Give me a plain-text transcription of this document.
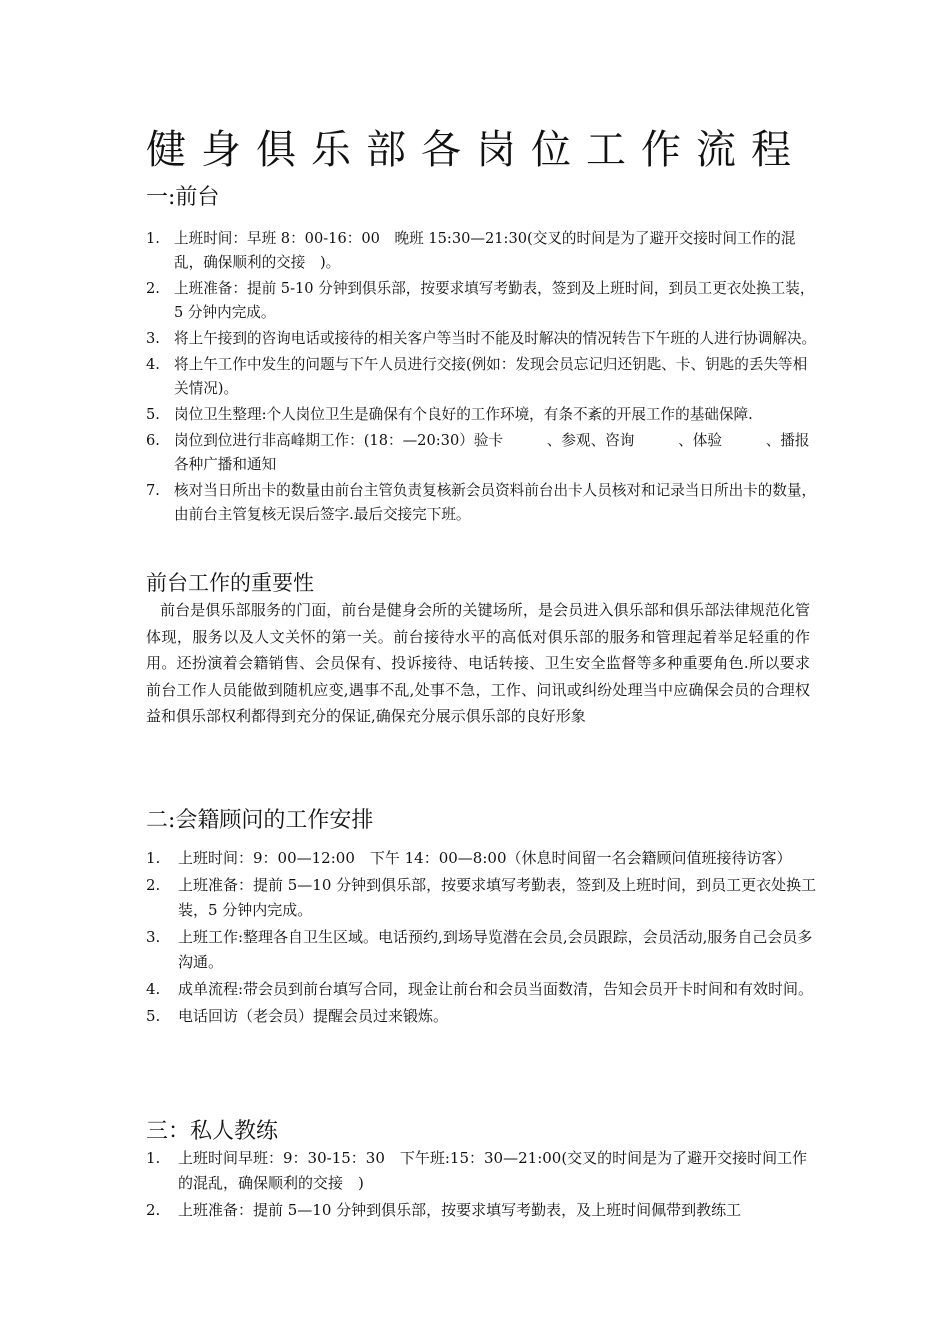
健身俱乐部各岗位工作流程
一:前台
1. 上班时间：早班 8：00-16：00　晚班 15:30—21:30(交叉的时间是为了避开交接时间工作的混乱，确保顺利的交接　)。
2. 上班准备：提前 5-10 分钟到俱乐部，按要求填写考勤表，签到及上班时间，到员工更衣处换工装，5 分钟内完成。
3. 将上午接到的咨询电话或接待的相关客户等当时不能及时解决的情况转告下午班的人进行协调解决。
4. 将上午工作中发生的问题与下午人员进行交接(例如：发现会员忘记归还钥匙、卡、钥匙的丢失等相关情况)。
5. 岗位卫生整理:个人岗位卫生是确保有个良好的工作环境，有条不紊的开展工作的基础保障.
6. 岗位到位进行非高峰期工作：(18：—20:30）验卡　　　、参观、咨询　　　、体验　　　、播报各种广播和通知
7. 核对当日所出卡的数量由前台主管负责复核新会员资料前台出卡人员核对和记录当日所出卡的数量，由前台主管复核无误后签字.最后交接完下班。
前台工作的重要性
前台是俱乐部服务的门面，前台是健身会所的关键场所，是会员进入俱乐部和俱乐部法律规范化管体现，服务以及人文关怀的第一关。前台接待水平的高低对俱乐部的服务和管理起着举足轻重的作用。还扮演着会籍销售、会员保有、投诉接待、电话转接、卫生安全监督等多种重要角色.所以要求前台工作人员能做到随机应变,遇事不乱,处事不急，工作、问讯或纠纷处理当中应确保会员的合理权益和俱乐部权利都得到充分的保证,确保充分展示俱乐部的良好形象
二:会籍顾问的工作安排
1. 上班时间：9：00—12:00　下午 14：00—8:00（休息时间留一名会籍顾问值班接待访客）
2. 上班准备：提前 5—10 分钟到俱乐部，按要求填写考勤表，签到及上班时间，到员工更衣处换工装，5 分钟内完成。
3. 上班工作:整理各自卫生区域。电话预约,到场导览潜在会员,会员跟踪，会员活动,服务自己会员多沟通。
4. 成单流程:带会员到前台填写合同，现金让前台和会员当面数清，告知会员开卡时间和有效时间。
5. 电话回访（老会员）提醒会员过来锻炼。
三：私人教练
1. 上班时间早班：9：30-15：30　下午班:15：30—21:00(交叉的时间是为了避开交接时间工作的混乱，确保顺利的交接　)
2. 上班准备：提前 5—10 分钟到俱乐部，按要求填写考勤表，及上班时间佩带到教练工
